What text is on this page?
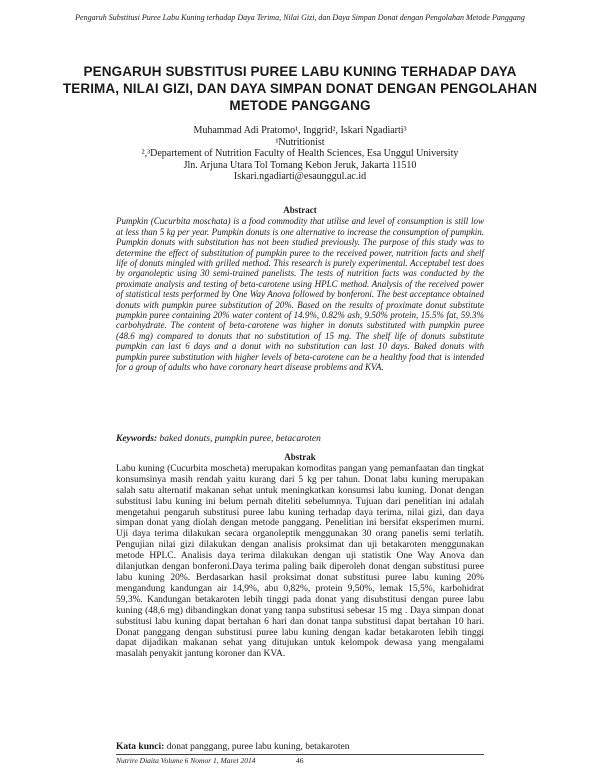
Pengaruh Substitusi Puree Labu Kuning terhadap Daya Terima, Nilai Gizi, dan Daya Simpan Donat dengan Pengolahan Metode Panggang
PENGARUH SUBSTITUSI PUREE LABU KUNING TERHADAP DAYA TERIMA, NILAI GIZI, DAN DAYA SIMPAN DONAT DENGAN PENGOLAHAN METODE PANGGANG
Muhammad Adi Pratomo¹, Inggrid², Iskari Ngadiarti³
¹Nutritionist
²,³Departement of Nutrition Faculty of Health Sciences, Esa Unggul University
Jln. Arjuna Utara Tol Tomang Kebon Jeruk, Jakarta 11510
Iskari.ngadiarti@esaunggul.ac.id
Abstract
Pumpkin (Cucurbita moschata) is a food commodity that utilise and level of consumption is still low at less than 5 kg per year. Pumpkin donuts is one alternative to increase the consumption of pumpkin. Pumpkin donuts with substitution has not been studied previously. The purpose of this study was to determine the effect of substitution of pumpkin puree to the received power, nutrition facts and shelf life of donuts mingled with grilled method. This research is purely experimental. Acceptabel test does by organoleptic using 30 semi-trained panelists. The tests of nutrition facts was conducted by the proximate analysis and testing of beta-carotene using HPLC method. Analysis of the received power of statistical tests performed by One Way Anova followed by bonferoni. The best acceptance obtained donuts with pumpkin puree substitution of 20%. Based on the results of proximate donut substitute pumpkin puree containing 20% water content of 14.9%, 0.82% ash, 9.50% protein, 15.5% fat, 59.3% carbohydrate. The content of beta-carotene was higher in donuts substituted with pumpkin puree (48.6 mg) compared to donuts that no substitution of 15 mg. The shelf life of donuts substitute pumpkin can last 6 days and a donut with no substitution can last 10 days. Baked donuts with pumpkin puree substitution with higher levels of beta-carotene can be a healthy food that is intended for a group of adults who have coronary heart disease problems and KVA.
Keywords: baked donuts, pumpkin puree, betacaroten
Abstrak
Labu kuning (Cucurbita moscheta) merupakan komoditas pangan yang pemanfaatan dan tingkat konsumsinya masih rendah yaitu kurang dari 5 kg per tahun. Donat labu kuning merupakan salah satu alternatif makanan sehat untuk meningkatkan konsumsi labu kuning. Donat dengan substitusi labu kuning ini belum pernah diteliti sebelumnya. Tujuan dari penelitian ini adalah mengetahui pengaruh substitusi puree labu kuning terhadap daya terima, nilai gizi, dan daya simpan donat yang diolah dengan metode panggang. Penelitian ini bersifat eksperimen murni. Uji daya terima dilakukan secara organoleptik menggunakan 30 orang panelis semi terlatih. Pengujian nilai gizi dilakukan dengan analisis proksimat dan uji betakaroten menggunakan metode HPLC. Analisis daya terima dilakukan dengan uji statistik One Way Anova dan dilanjutkan dengan bonferoni.Daya terima paling baik diperoleh donat dengan substitusi puree labu kuning 20%. Berdasarkan hasil proksimat donat substitusi puree labu kuning 20% mengandung kandungan air 14,9%, abu 0,82%, protein 9,50%, lemak 15,5%, karbohidrat 59,3%. Kandungan betakaroten lebih tinggi pada donat yang disubstitusi dengan puree labu kuning (48,6 mg) dibandingkan donat yang tanpa substitusi sebesar 15 mg . Daya simpan donat substitusi labu kuning dapat bertahan 6 hari dan donat tanpa substitusi dapat bertahan 10 hari. Donat panggang dengan substitusi puree labu kuning dengan kadar betakaroten lebih tinggi dapat dijadikan makanan sehat yang ditujukan untuk kelompok dewasa yang mengalami masalah penyakit jantung koroner dan KVA.
Kata kunci: donat panggang, puree labu kuning, betakaroten
Nutrire Diaita Volume 6 Nomor 1, Maret 2014	46
